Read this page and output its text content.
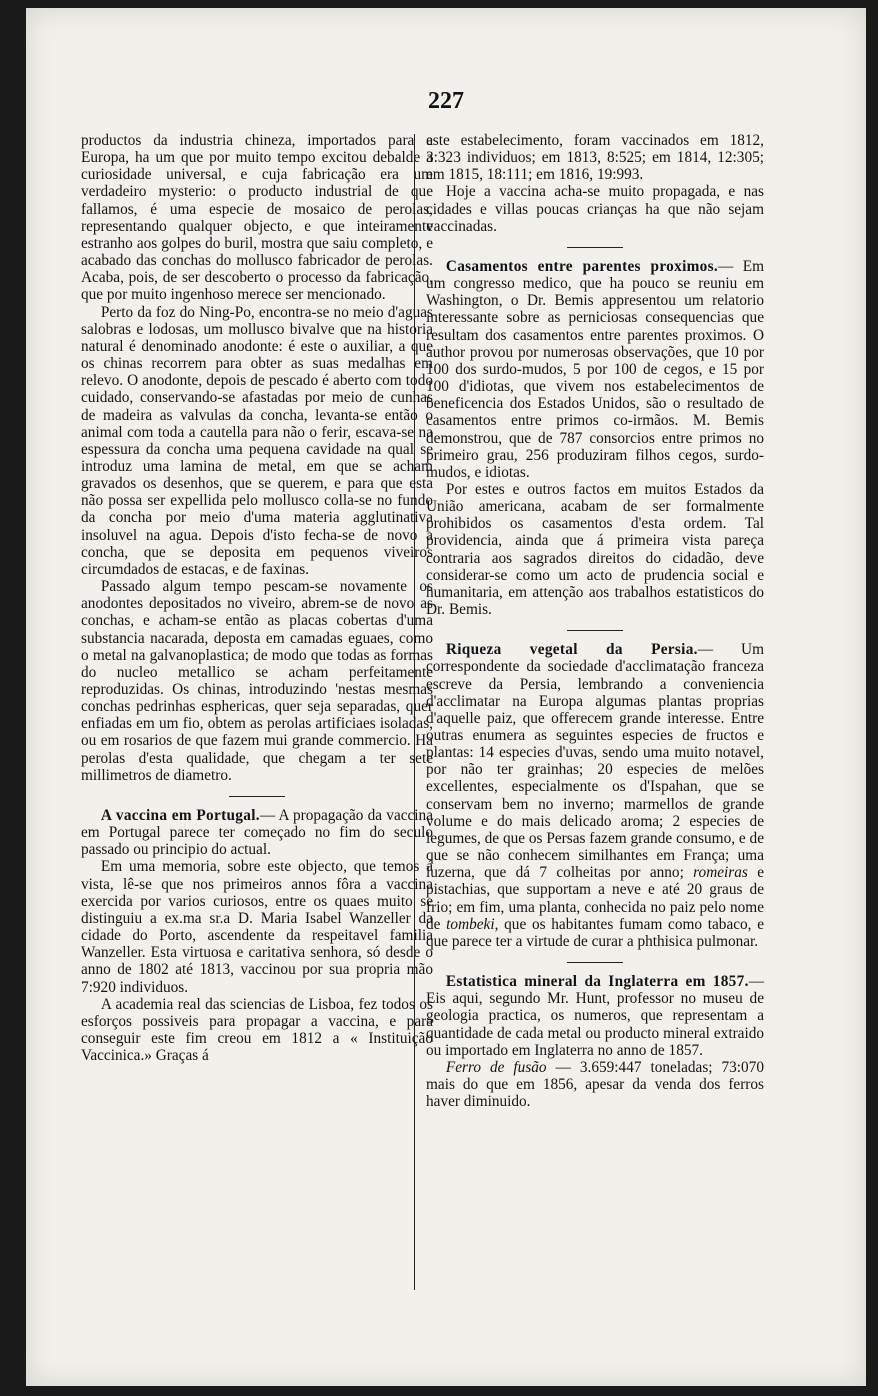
227

productos da industria chineza, importados para a Europa, ha um que por muito tempo excitou debalde a curiosidade universal, e cuja fabricação era um verdadeiro mysterio: o producto industrial de que fallamos, é uma especie de mosaico de perolas, representando qualquer objecto, e que inteiramente estranho aos golpes do buril, mostra que saiu completo, e acabado das conchas do mollusco fabricador de perolas. Acaba, pois, de ser descoberto o processo da fabricação, que por muito ingenhoso merece ser mencionado.

Perto da foz do Ning-Po, encontra-se no meio d'aguas salobras e lodosas, um mollusco bivalve que na historia natural é denominado anodonte: é este o auxiliar, a que os chinas recorrem para obter as suas medalhas em relevo. O anodonte, depois de pescado é aberto com todo cuidado, conservando-se afastadas por meio de cunhas de madeira as valvulas da concha, levanta-se então o animal com toda a cautella para não o ferir, escava-se na espessura da concha uma pequena cavidade na qual se introduz uma lamina de metal, em que se acham gravados os desenhos, que se querem, e para que esta não possa ser expellida pelo mollusco colla-se no fundo da concha por meio d'uma materia agglutinativa insoluvel na agua. Depois d'isto fecha-se de novo a concha, que se deposita em pequenos viveiros circumdados de estacas, e de faxinas.

Passado algum tempo pescam-se novamente os anodontes depositados no viveiro, abrem-se de novo as conchas, e acham-se então as placas cobertas d'uma substancia nacarada, deposta em camadas eguaes, como o metal na galvanoplastica; de modo que todas as formas do nucleo metallico se acham perfeitamente reproduzidas. Os chinas, introduzindo 'nestas mesmas conchas pedrinhas esphericas, quer seja separadas, quer enfiadas em um fio, obtem as perolas artificiaes isoladas, ou em rosarios de que fazem mui grande commercio. Ha perolas d'esta qualidade, que chegam a ter sete millimetros de diametro.

A vaccina em Portugal.— A propagação da vaccina em Portugal parece ter começado no fim do seculo passado ou principio do actual.

Em uma memoria, sobre este objecto, que temos á vista, lê-se que nos primeiros annos fôra a vaccina exercida por varios curiosos, entre os quaes muito se distinguiu a ex.ma sr.a D. Maria Isabel Wanzeller da cidade do Porto, ascendente da respeitavel familia Wanzeller. Esta virtuosa e caritativa senhora, só desde o anno de 1802 até 1813, vaccinou por sua propria mão 7:920 individuos.

A academia real das sciencias de Lisboa, fez todos os esforços possiveis para propagar a vaccina, e para conseguir este fim creou em 1812 a « Instituição Vaccinica.» Graças á

este estabelecimento, foram vaccinados em 1812, 3:323 individuos; em 1813, 8:525; em 1814, 12:305; em 1815, 18:111; em 1816, 19:993.

Hoje a vaccina acha-se muito propagada, e nas cidades e villas poucas crianças ha que não sejam vaccinadas.

Casamentos entre parentes proximos.— Em um congresso medico, que ha pouco se reuniu em Washington, o Dr. Bemis appresentou um relatorio interessante sobre as perniciosas consequencias que resultam dos casamentos entre parentes proximos. O author provou por numerosas observações, que 10 por 100 dos surdo-mudos, 5 por 100 de cegos, e 15 por 100 d'idiotas, que vivem nos estabelecimentos de beneficencia dos Estados Unidos, são o resultado de casamentos entre primos co-irmãos. M. Bemis demonstrou, que de 787 consorcios entre primos no primeiro grau, 256 produziram filhos cegos, surdo-mudos, e idiotas.

Por estes e outros factos em muitos Estados da União americana, acabam de ser formalmente prohibidos os casamentos d'esta ordem. Tal providencia, ainda que á primeira vista pareça contraria aos sagrados direitos do cidadão, deve considerar-se como um acto de prudencia social e humanitaria, em attenção aos trabalhos estatisticos do Dr. Bemis.

Riqueza vegetal da Persia.— Um correspondente da sociedade d'acclimatação franceza escreve da Persia, lembrando a conveniencia d'acclimatar na Europa algumas plantas proprias d'aquelle paiz, que offerecem grande interesse. Entre outras enumera as seguintes especies de fructos e plantas: 14 especies d'uvas, sendo uma muito notavel, por não ter grainhas; 20 especies de melões excellentes, especialmente os d'Ispahan, que se conservam bem no inverno; marmellos de grande volume e do mais delicado aroma; 2 especies de legumes, de que os Persas fazem grande consumo, e de que se não conhecem similhantes em França; uma luzerna, que dá 7 colheitas por anno; romeiras e pistachias, que supportam a neve e até 20 graus de frio; em fim, uma planta, conhecida no paiz pelo nome de tombeki, que os habitantes fumam como tabaco, e que parece ter a virtude de curar a phthisica pulmonar.

Estatistica mineral da Inglaterra em 1857.— Eis aqui, segundo Mr. Hunt, professor no museu de geologia practica, os numeros, que representam a quantidade de cada metal ou producto mineral extraido ou importado em Inglaterra no anno de 1857.

Ferro de fusão — 3.659:447 toneladas; 73:070 mais do que em 1856, apesar da venda dos ferros haver diminuido.
